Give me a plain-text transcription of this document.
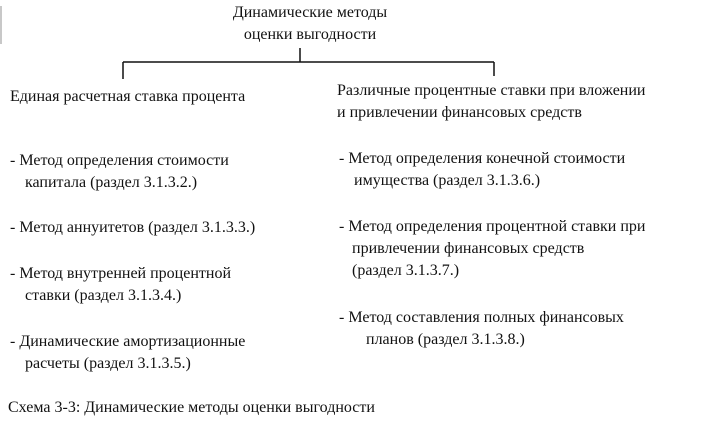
Динамические методы
оценки выгодности
Единая расчетная ставка процента
- Метод определения стоимости
капитала (раздел 3.1.3.2.)
- Метод аннуитетов (раздел 3.1.3.3.)
- Метод внутренней процентной
ставки (раздел 3.1.3.4.)
- Динамические амортизационные
расчеты (раздел 3.1.3.5.)
Различные процентные ставки при вложении
и привлечении финансовых средств
- Метод определения конечной стоимости
имущества (раздел 3.1.3.6.)
- Метод определения процентной ставки при
привлечении финансовых средств
(раздел 3.1.3.7.)
- Метод составления полных финансовых
планов (раздел 3.1.3.8.)
Схема 3-3: Динамические методы оценки выгодности
